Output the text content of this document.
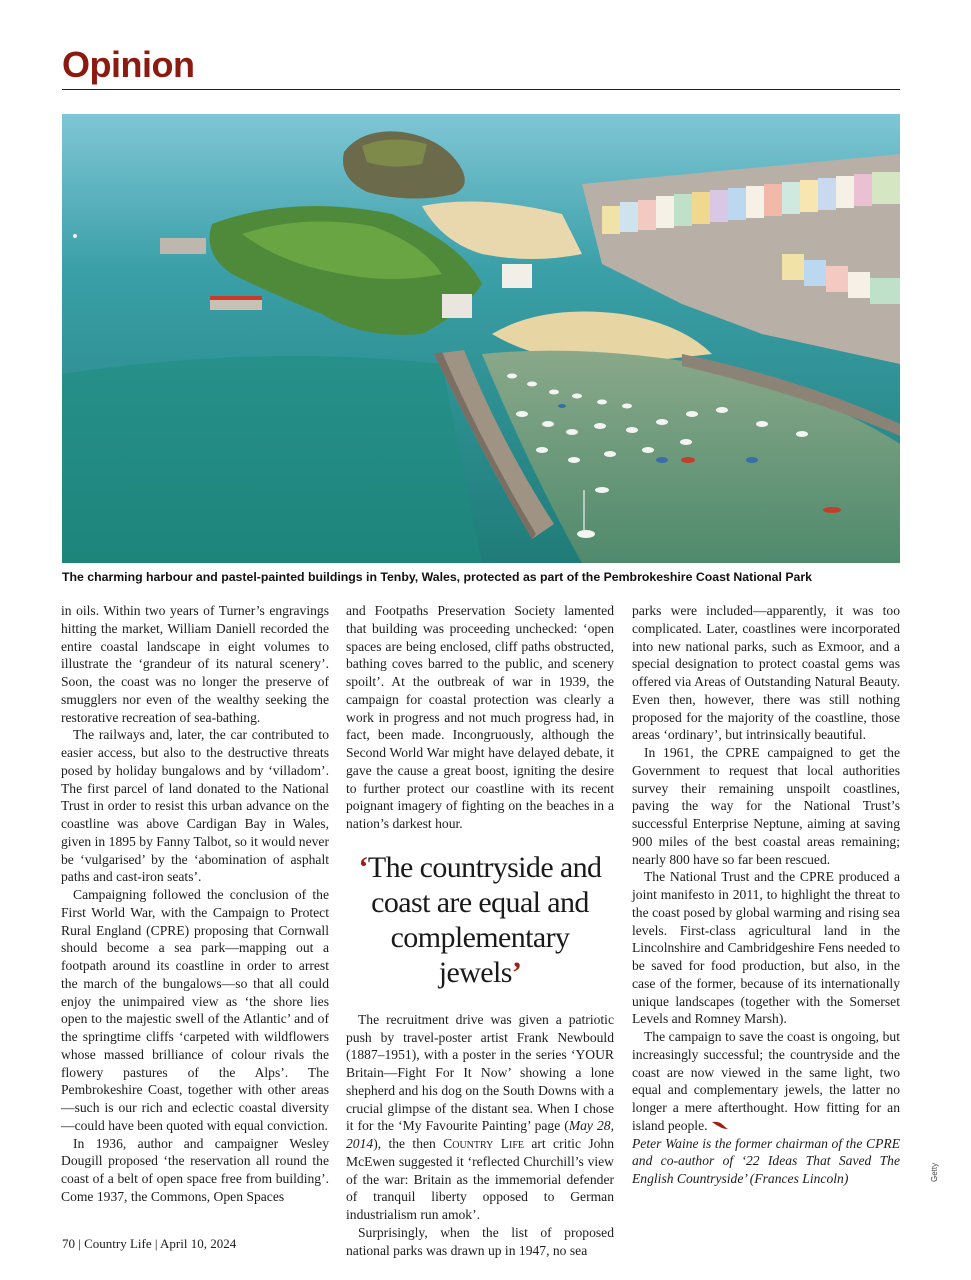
Opinion

The charming harbour and pastel-painted buildings in Tenby, Wales, protected as part of the Pembrokeshire Coast National Park

in oils. Within two years of Turner’s engravings hitting the market, William Daniell recorded the entire coastal landscape in eight volumes to illustrate the ‘grandeur of its natural scenery’. Soon, the coast was no longer the preserve of smugglers nor even of the wealthy seeking the restorative recreation of sea-bathing.

The railways and, later, the car contributed to easier access, but also to the destructive threats posed by holiday bungalows and by ‘villadom’. The first parcel of land donated to the National Trust in order to resist this urban advance on the coastline was above Cardigan Bay in Wales, given in 1895 by Fanny Talbot, so it would never be ‘vulgarised’ by the ‘abomination of asphalt paths and cast-iron seats’.

Campaigning followed the conclusion of the First World War, with the Campaign to Protect Rural England (CPRE) proposing that Cornwall should become a sea park—mapping out a footpath around its coastline in order to arrest the march of the bungalows—so that all could enjoy the unimpaired view as ‘the shore lies open to the majestic swell of the Atlantic’ and of the springtime cliffs ‘carpeted with wildflowers whose massed brilliance of colour rivals the flowery pastures of the Alps’. The Pembrokeshire Coast, together with other areas—such is our rich and eclectic coastal diversity—could have been quoted with equal conviction.

In 1936, author and campaigner Wesley Dougill proposed ‘the reservation all round the coast of a belt of open space free from building’. Come 1937, the Commons, Open Spaces

and Footpaths Preservation Society lamented that building was proceeding unchecked: ‘open spaces are being enclosed, cliff paths obstructed, bathing coves barred to the public, and scenery spoilt’. At the outbreak of war in 1939, the campaign for coastal protection was clearly a work in progress and not much progress had, in fact, been made. Incongruously, although the Second World War might have delayed debate, it gave the cause a great boost, igniting the desire to further protect our coastline with its recent poignant imagery of fighting on the beaches in a nation’s darkest hour.

‘The countryside and coast are equal and complementary jewels’

The recruitment drive was given a patriotic push by travel-poster artist Frank Newbould (1887–1951), with a poster in the series ‘YOUR Britain—Fight For It Now’ showing a lone shepherd and his dog on the South Downs with a crucial glimpse of the distant sea. When I chose it for the ‘My Favourite Painting’ page (May 28, 2014), the then Country Life art critic John McEwen suggested it ‘reflected Churchill’s view of the war: Britain as the immemorial defender of tranquil liberty opposed to German industrialism run amok’.

Surprisingly, when the list of proposed national parks was drawn up in 1947, no sea

parks were included—apparently, it was too complicated. Later, coastlines were incorporated into new national parks, such as Exmoor, and a special designation to protect coastal gems was offered via Areas of Outstanding Natural Beauty. Even then, however, there was still nothing proposed for the majority of the coastline, those areas ‘ordinary’, but intrinsically beautiful.

In 1961, the CPRE campaigned to get the Government to request that local authorities survey their remaining unspoilt coastlines, paving the way for the National Trust’s successful Enterprise Neptune, aiming at saving 900 miles of the best coastal areas remaining; nearly 800 have so far been rescued.

The National Trust and the CPRE produced a joint manifesto in 2011, to highlight the threat to the coast posed by global warming and rising sea levels. First-class agricultural land in the Lincolnshire and Cambridgeshire Fens needed to be saved for food production, but also, in the case of the former, because of its internationally unique landscapes (together with the Somerset Levels and Romney Marsh).

The campaign to save the coast is ongoing, but increasingly successful; the countryside and the coast are now viewed in the same light, two equal and complementary jewels, the latter no longer a mere afterthought. How fitting for an island people.

Peter Waine is the former chairman of the CPRE and co-author of ‘22 Ideas That Saved The English Countryside’ (Frances Lincoln)	Getty

70 | Country Life | April 10, 2024
